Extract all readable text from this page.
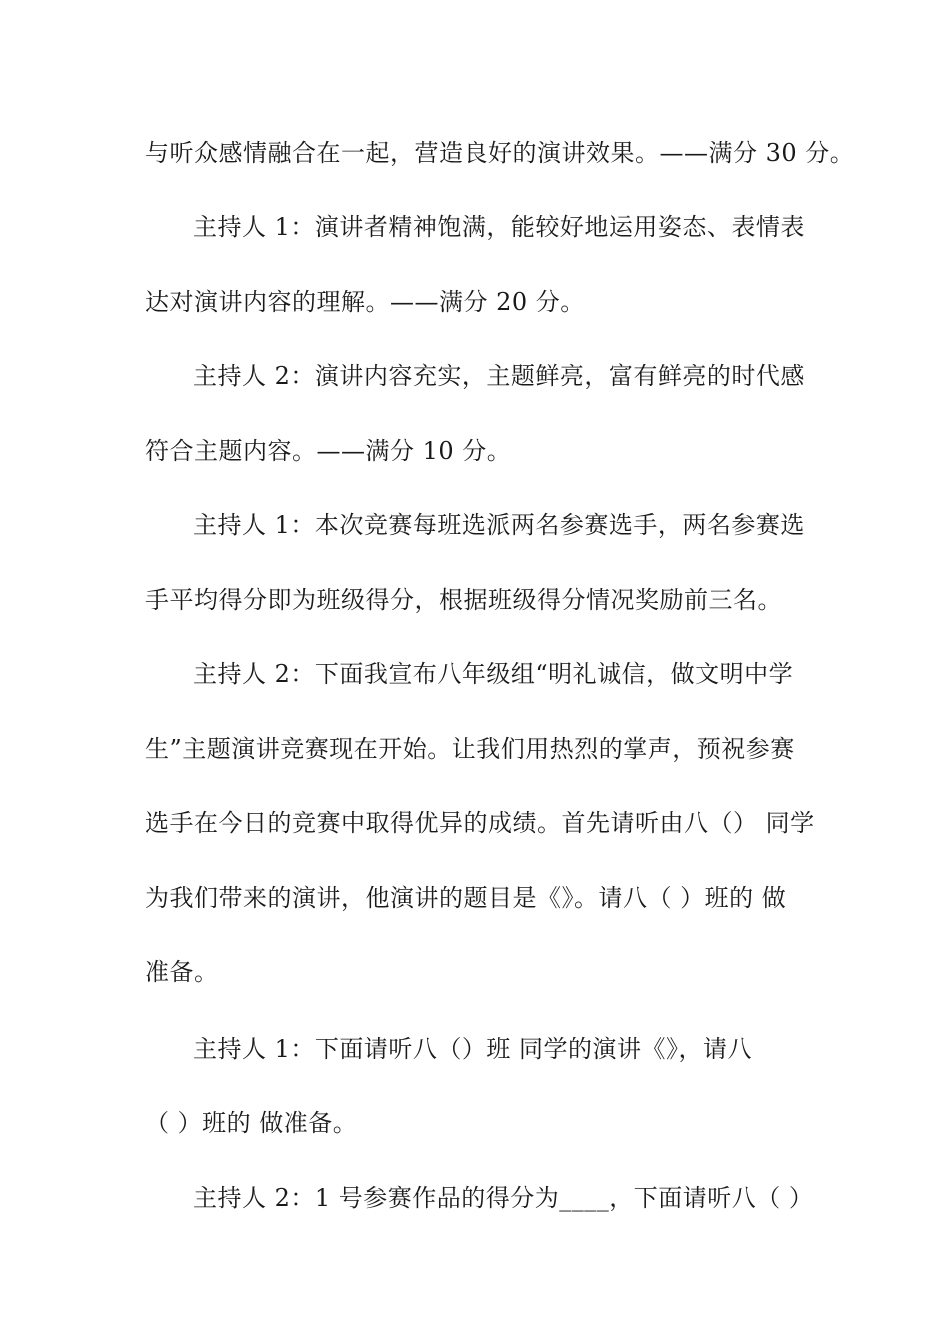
与听众感情融合在一起，营造良好的演讲效果。——满分 30 分。
主持人 1：演讲者精神饱满，能较好地运用姿态、表情表
达对演讲内容的理解。——满分 20 分。
主持人 2：演讲内容充实，主题鲜亮，富有鲜亮的时代感
符合主题内容。——满分 10 分。
主持人 1：本次竞赛每班选派两名参赛选手，两名参赛选
手平均得分即为班级得分，根据班级得分情况奖励前三名。
主持人 2：下面我宣布八年级组“明礼诚信，做文明中学
生”主题演讲竞赛现在开始。让我们用热烈的掌声，预祝参赛
选手在今日的竞赛中取得优异的成绩。首先请听由八（） 同学
为我们带来的演讲，他演讲的题目是《》。请八（ ）班的 做
准备。
主持人 1：下面请听八（）班 同学的演讲《》，请八
（ ）班的 做准备。
主持人 2：1 号参赛作品的得分为____，下面请听八（ ）
